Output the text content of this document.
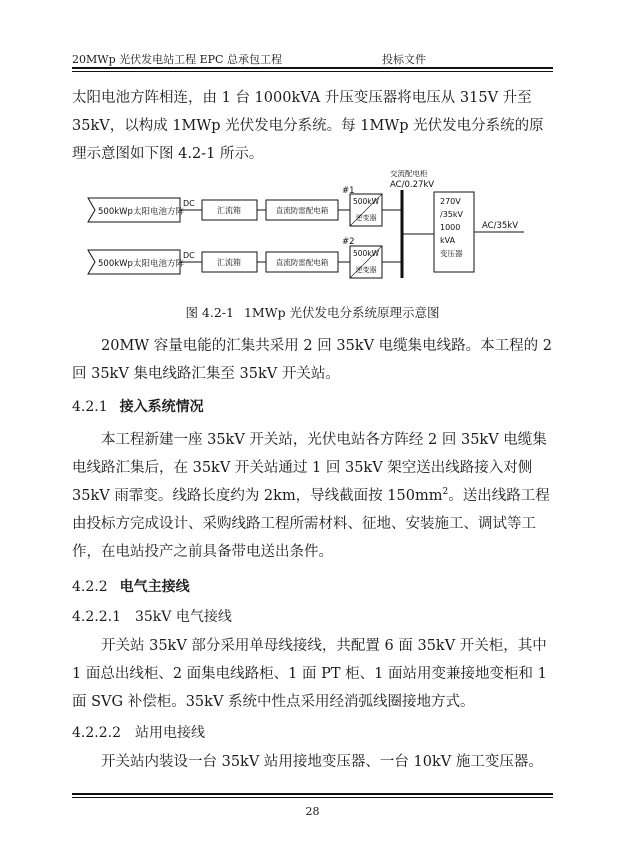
20MWp 光伏发电站工程 EPC 总承包工程	投标文件

太阳电池方阵相连，由 1 台 1000kVA 升压变压器将电压从 315V 升至 35kV，以构成 1MWp 光伏发电分系统。每 1MWp 光伏发电分系统的原理示意图如下图 4.2-1 所示。

500kWp太阳电池方阵
DC
汇流箱	直流防雷配电箱
#1
500kW
逆变器
500kWp太阳电池方阵
DC
汇流箱	直流防雷配电箱
#2
500kW
逆变器
交流配电柜
AC/0.27kV
270V
/35kV
1000
kVA
变压器
AC/35kV
图 4.2-1 1MWp 光伏发电分系统原理示意图

20MW 容量电能的汇集共采用 2 回 35kV 电缆集电线路。本工程的 2 回 35kV 集电线路汇集至 35kV 开关站。

4.2.1 接入系统情况

本工程新建一座 35kV 开关站，光伏电站各方阵经 2 回 35kV 电缆集电线路汇集后，在 35kV 开关站通过 1 回 35kV 架空送出线路接入对侧 35kV 雨霏变。线路长度约为 2km，导线截面按 $150mm^2$。送出线路工程由投标方完成设计、采购线路工程所需材料、征地、安装施工、调试等工作，在电站投产之前具备带电送出条件。

4.2.2 电气主接线
4.2.2.1 35kV 电气接线

开关站 35kV 部分采用单母线接线，共配置 6 面 35kV 开关柜，其中 1 面总出线柜、2 面集电线路柜、1 面 PT 柜、1 面站用变兼接地变柜和 1 面 SVG 补偿柜。35kV 系统中性点采用经消弧线圈接地方式。

4.2.2.2 站用电接线

开关站内装设一台 35kV 站用接地变压器、一台 10kV 施工变压器。

28
